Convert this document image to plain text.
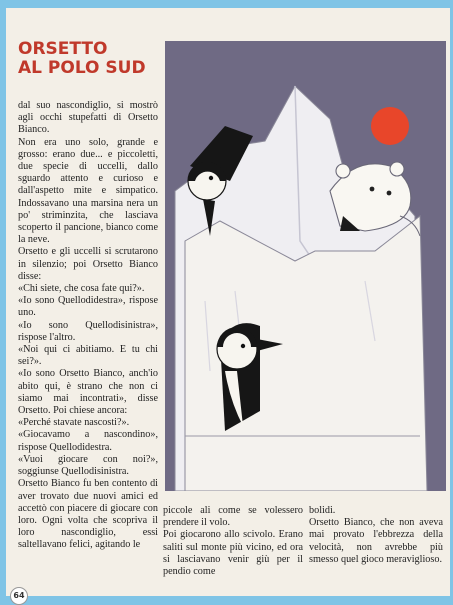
ORSETTO
AL POLO SUD

dal suo nascondiglio, si mostrò agli occhi stupefatti di Orsetto Bianco.

Non era uno solo, grande e grosso: erano due... e piccoletti, due specie di uccelli, dallo sguardo attento e curioso e dall'aspetto mite e simpatico. Indossavano una marsina nera un po' striminzita, che lasciava scoperto il pancione, bianco come la neve.

Orsetto e gli uccelli si scrutarono in silenzio; poi Orsetto Bianco disse:

«Chi siete, che cosa fate qui?».

«Io sono Quellodidestra», rispose uno.

«Io sono Quellodisinistra», rispose l'altro.

«Noi qui ci abitiamo. E tu chi sei?».

«Io sono Orsetto Bianco, anch'io abito qui, è strano che non ci siamo mai incontrati», disse Orsetto. Poi chiese ancora:

«Perché stavate nascosti?».

«Giocavamo a nascondino», rispose Quellodidestra.

«Vuoi giocare con noi?», soggiunse Quellodisinistra.

Orsetto Bianco fu ben contento di aver trovato due nuovi amici ed accettò con piacere di giocare con loro. Ogni volta che scopriva il loro nascondiglio, essi saltellavano felici, agitando le

piccole ali come se volessero prendere il volo.

Poi giocarono allo scivolo. Erano saliti sul monte più vicino, ed ora si lasciavano venir giù per il pendio come

bolidi.

Orsetto Bianco, che non aveva mai provato l'ebbrezza della velocità, non avrebbe più smesso quel gioco meraviglioso.

64
